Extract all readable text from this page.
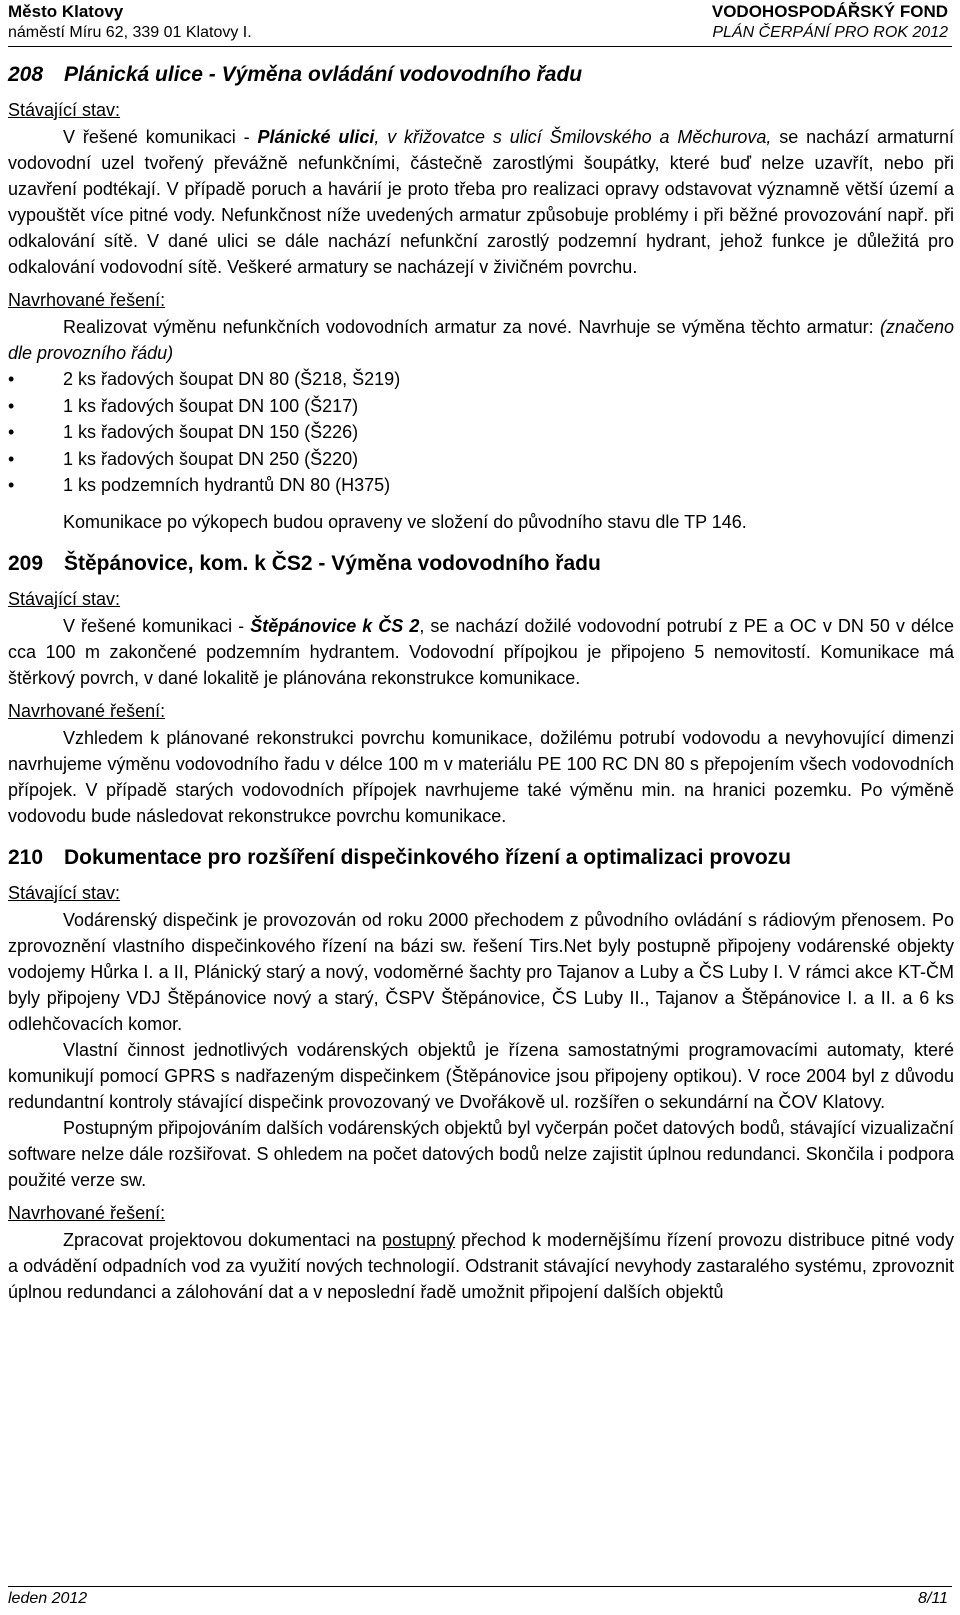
Město Klatovy
náměstí Míru 62, 339 01 Klatovy I.
VODOHOSPODÁŘSKÝ FOND
PLÁN ČERPÁNÍ PRO ROK 2012
208 Plánická ulice - Výměna ovládání vodovodního řadu

Stávající stav:

V řešené komunikaci - Plánické ulici, v křižovatce s ulicí Šmilovského a Měchurova, se nachází armaturní vodovodní uzel tvořený převážně nefunkčními, částečně zarostlými šoupátky, které buď nelze uzavřít, nebo při uzavření podtékají. V případě poruch a havárií je proto třeba pro realizaci opravy odstavovat významně větší území a vypouštět více pitné vody. Nefunkčnost níže uvedených armatur způsobuje problémy i při běžné provozování např. při odkalování sítě. V dané ulici se dále nachází nefunkční zarostlý podzemní hydrant, jehož funkce je důležitá pro odkalování vodovodní sítě. Veškeré armatury se nacházejí v živičném povrchu.

Navrhované řešení:

Realizovat výměnu nefunkčních vodovodních armatur za nové. Navrhuje se výměna těchto armatur: (značeno dle provozního řádu)

•	2 ks řadových šoupat DN 80 (Š218, Š219)
•	1 ks řadových šoupat DN 100 (Š217)
•	1 ks řadových šoupat DN 150 (Š226)
•	1 ks řadových šoupat DN 250 (Š220)
•	1 ks podzemních hydrantů DN 80 (H375)

Komunikace po výkopech budou opraveny ve složení do původního stavu dle TP 146.

209 Štěpánovice, kom. k ČS2 - Výměna vodovodního řadu

Stávající stav:

V řešené komunikaci - Štěpánovice k ČS 2, se nachází dožilé vodovodní potrubí z PE a OC v DN 50 v délce cca 100 m zakončené podzemním hydrantem. Vodovodní přípojkou je připojeno 5 nemovitostí. Komunikace má štěrkový povrch, v dané lokalitě je plánována rekonstrukce komunikace.

Navrhované řešení:

Vzhledem k plánované rekonstrukci povrchu komunikace, dožilému potrubí vodovodu a nevyhovující dimenzi navrhujeme výměnu vodovodního řadu v délce 100 m v materiálu PE 100 RC DN 80 s přepojením všech vodovodních přípojek. V případě starých vodovodních přípojek navrhujeme také výměnu min. na hranici pozemku. Po výměně vodovodu bude následovat rekonstrukce povrchu komunikace.

210 Dokumentace pro rozšíření dispečinkového řízení a optimalizaci provozu

Stávající stav:

Vodárenský dispečink je provozován od roku 2000 přechodem z původního ovládání s rádiovým přenosem. Po zprovoznění vlastního dispečinkového řízení na bázi sw. řešení Tirs.Net byly postupně připojeny vodárenské objekty vodojemy Hůrka I. a II, Plánický starý a nový, vodoměrné šachty pro Tajanov a Luby a ČS Luby I. V rámci akce KT-ČM byly připojeny VDJ Štěpánovice nový a starý, ČSPV Štěpánovice, ČS Luby II., Tajanov a Štěpánovice I. a II. a 6 ks odlehčovacích komor.

Vlastní činnost jednotlivých vodárenských objektů je řízena samostatnými programovacími automaty, které komunikují pomocí GPRS s nadřazeným dispečinkem (Štěpánovice jsou připojeny optikou). V roce 2004 byl z důvodu redundantní kontroly stávající dispečink provozovaný ve Dvořákově ul. rozšířen o sekundární na ČOV Klatovy.

Postupným připojováním dalších vodárenských objektů byl vyčerpán počet datových bodů, stávající vizualizační software nelze dále rozšiřovat. S ohledem na počet datových bodů nelze zajistit úplnou redundanci. Skončila i podpora použité verze sw.

Navrhované řešení:

Zpracovat projektovou dokumentaci na postupný přechod k modernějšímu řízení provozu distribuce pitné vody a odvádění odpadních vod za využití nových technologií. Odstranit stávající nevyhody zastaralého systému, zprovoznit úplnou redundanci a zálohování dat a v neposlední řadě umožnit připojení dalších objektů

leden 2012	8/11
